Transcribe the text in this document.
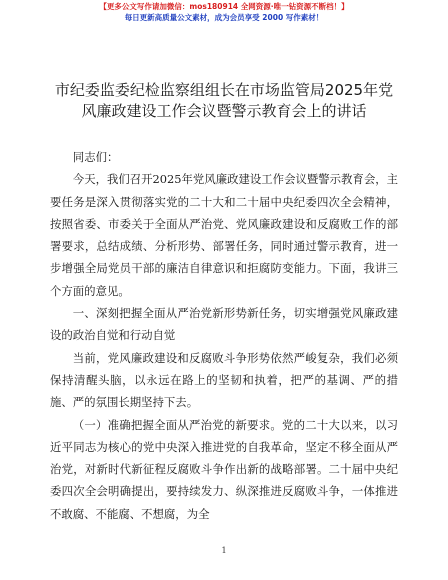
【更多公文写作请加微信：mos180914 全网资源·唯一钻资源不断档！】
每日更新高质量公文素材，成为会员享受 2000 写作素材！
市纪委监委纪检监察组组长在市场监管局2025年党风廉政建设工作会议暨警示教育会上的讲话

同志们：

今天，我们召开2025年党风廉政建设工作会议暨警示教育会，主要任务是深入贯彻落实党的二十大和二十届中央纪委四次全会精神，按照省委、市委关于全面从严治党、党风廉政建设和反腐败工作的部署要求，总结成绩、分析形势、部署任务，同时通过警示教育，进一步增强全局党员干部的廉洁自律意识和拒腐防变能力。下面，我讲三个方面的意见。

一、深刻把握全面从严治党新形势新任务，切实增强党风廉政建设的政治自觉和行动自觉

当前，党风廉政建设和反腐败斗争形势依然严峻复杂，我们必须保持清醒头脑，以永远在路上的坚韧和执着，把严的基调、严的措施、严的氛围长期坚持下去。

（一）准确把握全面从严治党的新要求。党的二十大以来，以习近平同志为核心的党中央深入推进党的自我革命，坚定不移全面从严治党，对新时代新征程反腐败斗争作出新的战略部署。二十届中央纪委四次全会明确提出，要持续发力、纵深推进反腐败斗争，一体推进不敢腐、不能腐、不想腐，为全

1
